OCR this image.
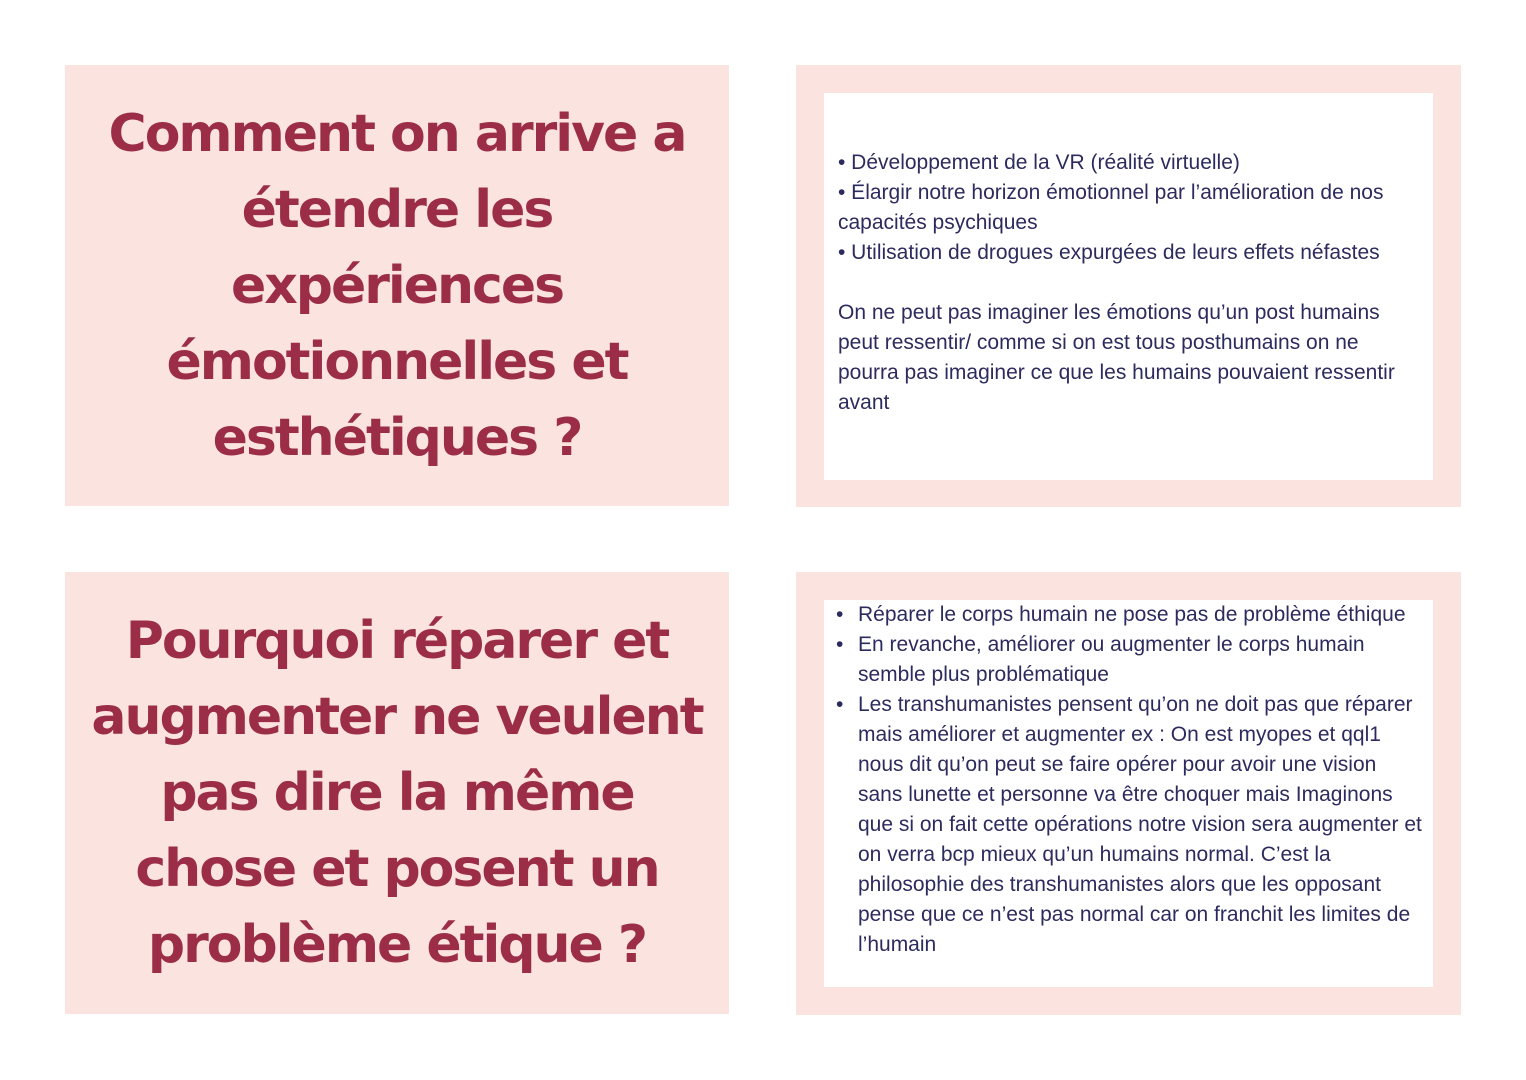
Comment on arrive a étendre les expériences émotionnelles et esthétiques ?

• Développement de la VR (réalité virtuelle)

• Élargir notre horizon émotionnel par l’amélioration de nos capacités psychiques

• Utilisation de drogues expurgées de leurs effets néfastes

On ne peut pas imaginer les émotions qu’un post humains peut ressentir/ comme si on est tous posthumains on ne pourra pas imaginer ce que les humains pouvaient ressentir avant

Pourquoi réparer et augmenter ne veulent pas dire la même chose et posent un problème étique ?

• Réparer le corps humain ne pose pas de problème éthique
• En revanche, améliorer ou augmenter le corps humain semble plus problématique
• Les transhumanistes pensent qu’on ne doit pas que réparer mais améliorer et augmenter ex : On est myopes et qql1 nous dit qu’on peut se faire opérer pour avoir une vision sans lunette et personne va être choquer mais Imaginons que si on fait cette opérations notre vision sera augmenter et on verra bcp mieux qu’un humains normal. C’est la philosophie des transhumanistes alors que les opposant pense que ce n’est pas normal car on franchit les limites de l’humain
